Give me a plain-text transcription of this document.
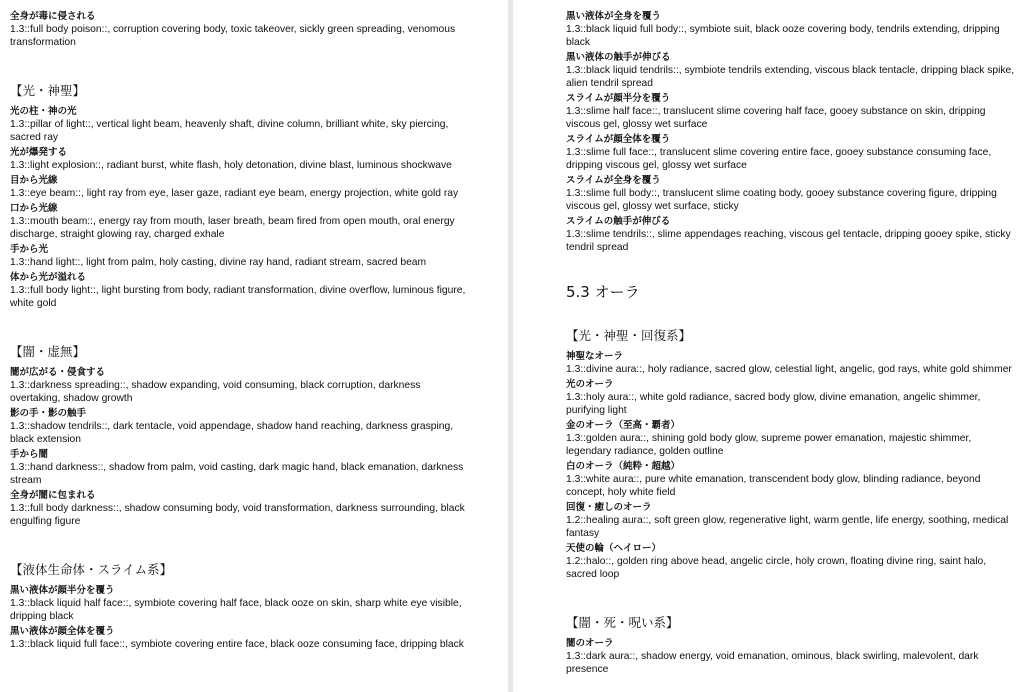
全身が毒に侵される

1.3::full body poison::, corruption covering body, toxic takeover, sickly green spreading, venomous transformation

【光・神聖】

光の柱・神の光

1.3::pillar of light::, vertical light beam, heavenly shaft, divine column, brilliant white, sky piercing, sacred ray

光が爆発する

1.3::light explosion::, radiant burst, white flash, holy detonation, divine blast, luminous shockwave

目から光線

1.3::eye beam::, light ray from eye, laser gaze, radiant eye beam, energy projection, white gold ray

口から光線

1.3::mouth beam::, energy ray from mouth, laser breath, beam fired from open mouth, oral energy discharge, straight glowing ray, charged exhale

手から光

1.3::hand light::, light from palm, holy casting, divine ray hand, radiant stream, sacred beam

体から光が溢れる

1.3::full body light::, light bursting from body, radiant transformation, divine overflow, luminous figure, white gold

【闇・虚無】

闇が広がる・侵食する

1.3::darkness spreading::, shadow expanding, void consuming, black corruption, darkness overtaking, shadow growth

影の手・影の触手

1.3::shadow tendrils::, dark tentacle, void appendage, shadow hand reaching, darkness grasping, black extension

手から闇

1.3::hand darkness::, shadow from palm, void casting, dark magic hand, black emanation, darkness stream

全身が闇に包まれる

1.3::full body darkness::, shadow consuming body, void transformation, darkness surrounding, black engulfing figure

【液体生命体・スライム系】

黒い液体が顔半分を覆う

1.3::black liquid half face::, symbiote covering half face, black ooze on skin, sharp white eye visible, dripping black

黒い液体が顔全体を覆う

1.3::black liquid full face::, symbiote covering entire face, black ooze consuming face, dripping black

黒い液体が全身を覆う

1.3::black liquid full body::, symbiote suit, black ooze covering body, tendrils extending, dripping black

黒い液体の触手が伸びる

1.3::black liquid tendrils::, symbiote tendrils extending, viscous black tentacle, dripping black spike, alien tendril spread

スライムが顔半分を覆う

1.3::slime half face::, translucent slime covering half face, gooey substance on skin, dripping viscous gel, glossy wet surface

スライムが顔全体を覆う

1.3::slime full face::, translucent slime covering entire face, gooey substance consuming face, dripping viscous gel, glossy wet surface

スライムが全身を覆う

1.3::slime full body::, translucent slime coating body, gooey substance covering figure, dripping viscous gel, glossy wet surface, sticky

スライムの触手が伸びる

1.3::slime tendrils::, slime appendages reaching, viscous gel tentacle, dripping gooey spike, sticky tendril spread

5.3 オーラ
【光・神聖・回復系】

神聖なオーラ

1.3::divine aura::, holy radiance, sacred glow, celestial light, angelic, god rays, white gold shimmer

光のオーラ

1.3::holy aura::, white gold radiance, sacred body glow, divine emanation, angelic shimmer, purifying light

金のオーラ（至高・覇者）

1.3::golden aura::, shining gold body glow, supreme power emanation, majestic shimmer, legendary radiance, golden outline

白のオーラ（純粋・超越）

1.3::white aura::, pure white emanation, transcendent body glow, blinding radiance, beyond concept, holy white field

回復・癒しのオーラ

1.2::healing aura::, soft green glow, regenerative light, warm gentle, life energy, soothing, medical fantasy

天使の輪（ヘイロー）

1.2::halo::, golden ring above head, angelic circle, holy crown, floating divine ring, saint halo, sacred loop

【闇・死・呪い系】

闇のオーラ

1.3::dark aura::, shadow energy, void emanation, ominous, black swirling, malevolent, dark presence
